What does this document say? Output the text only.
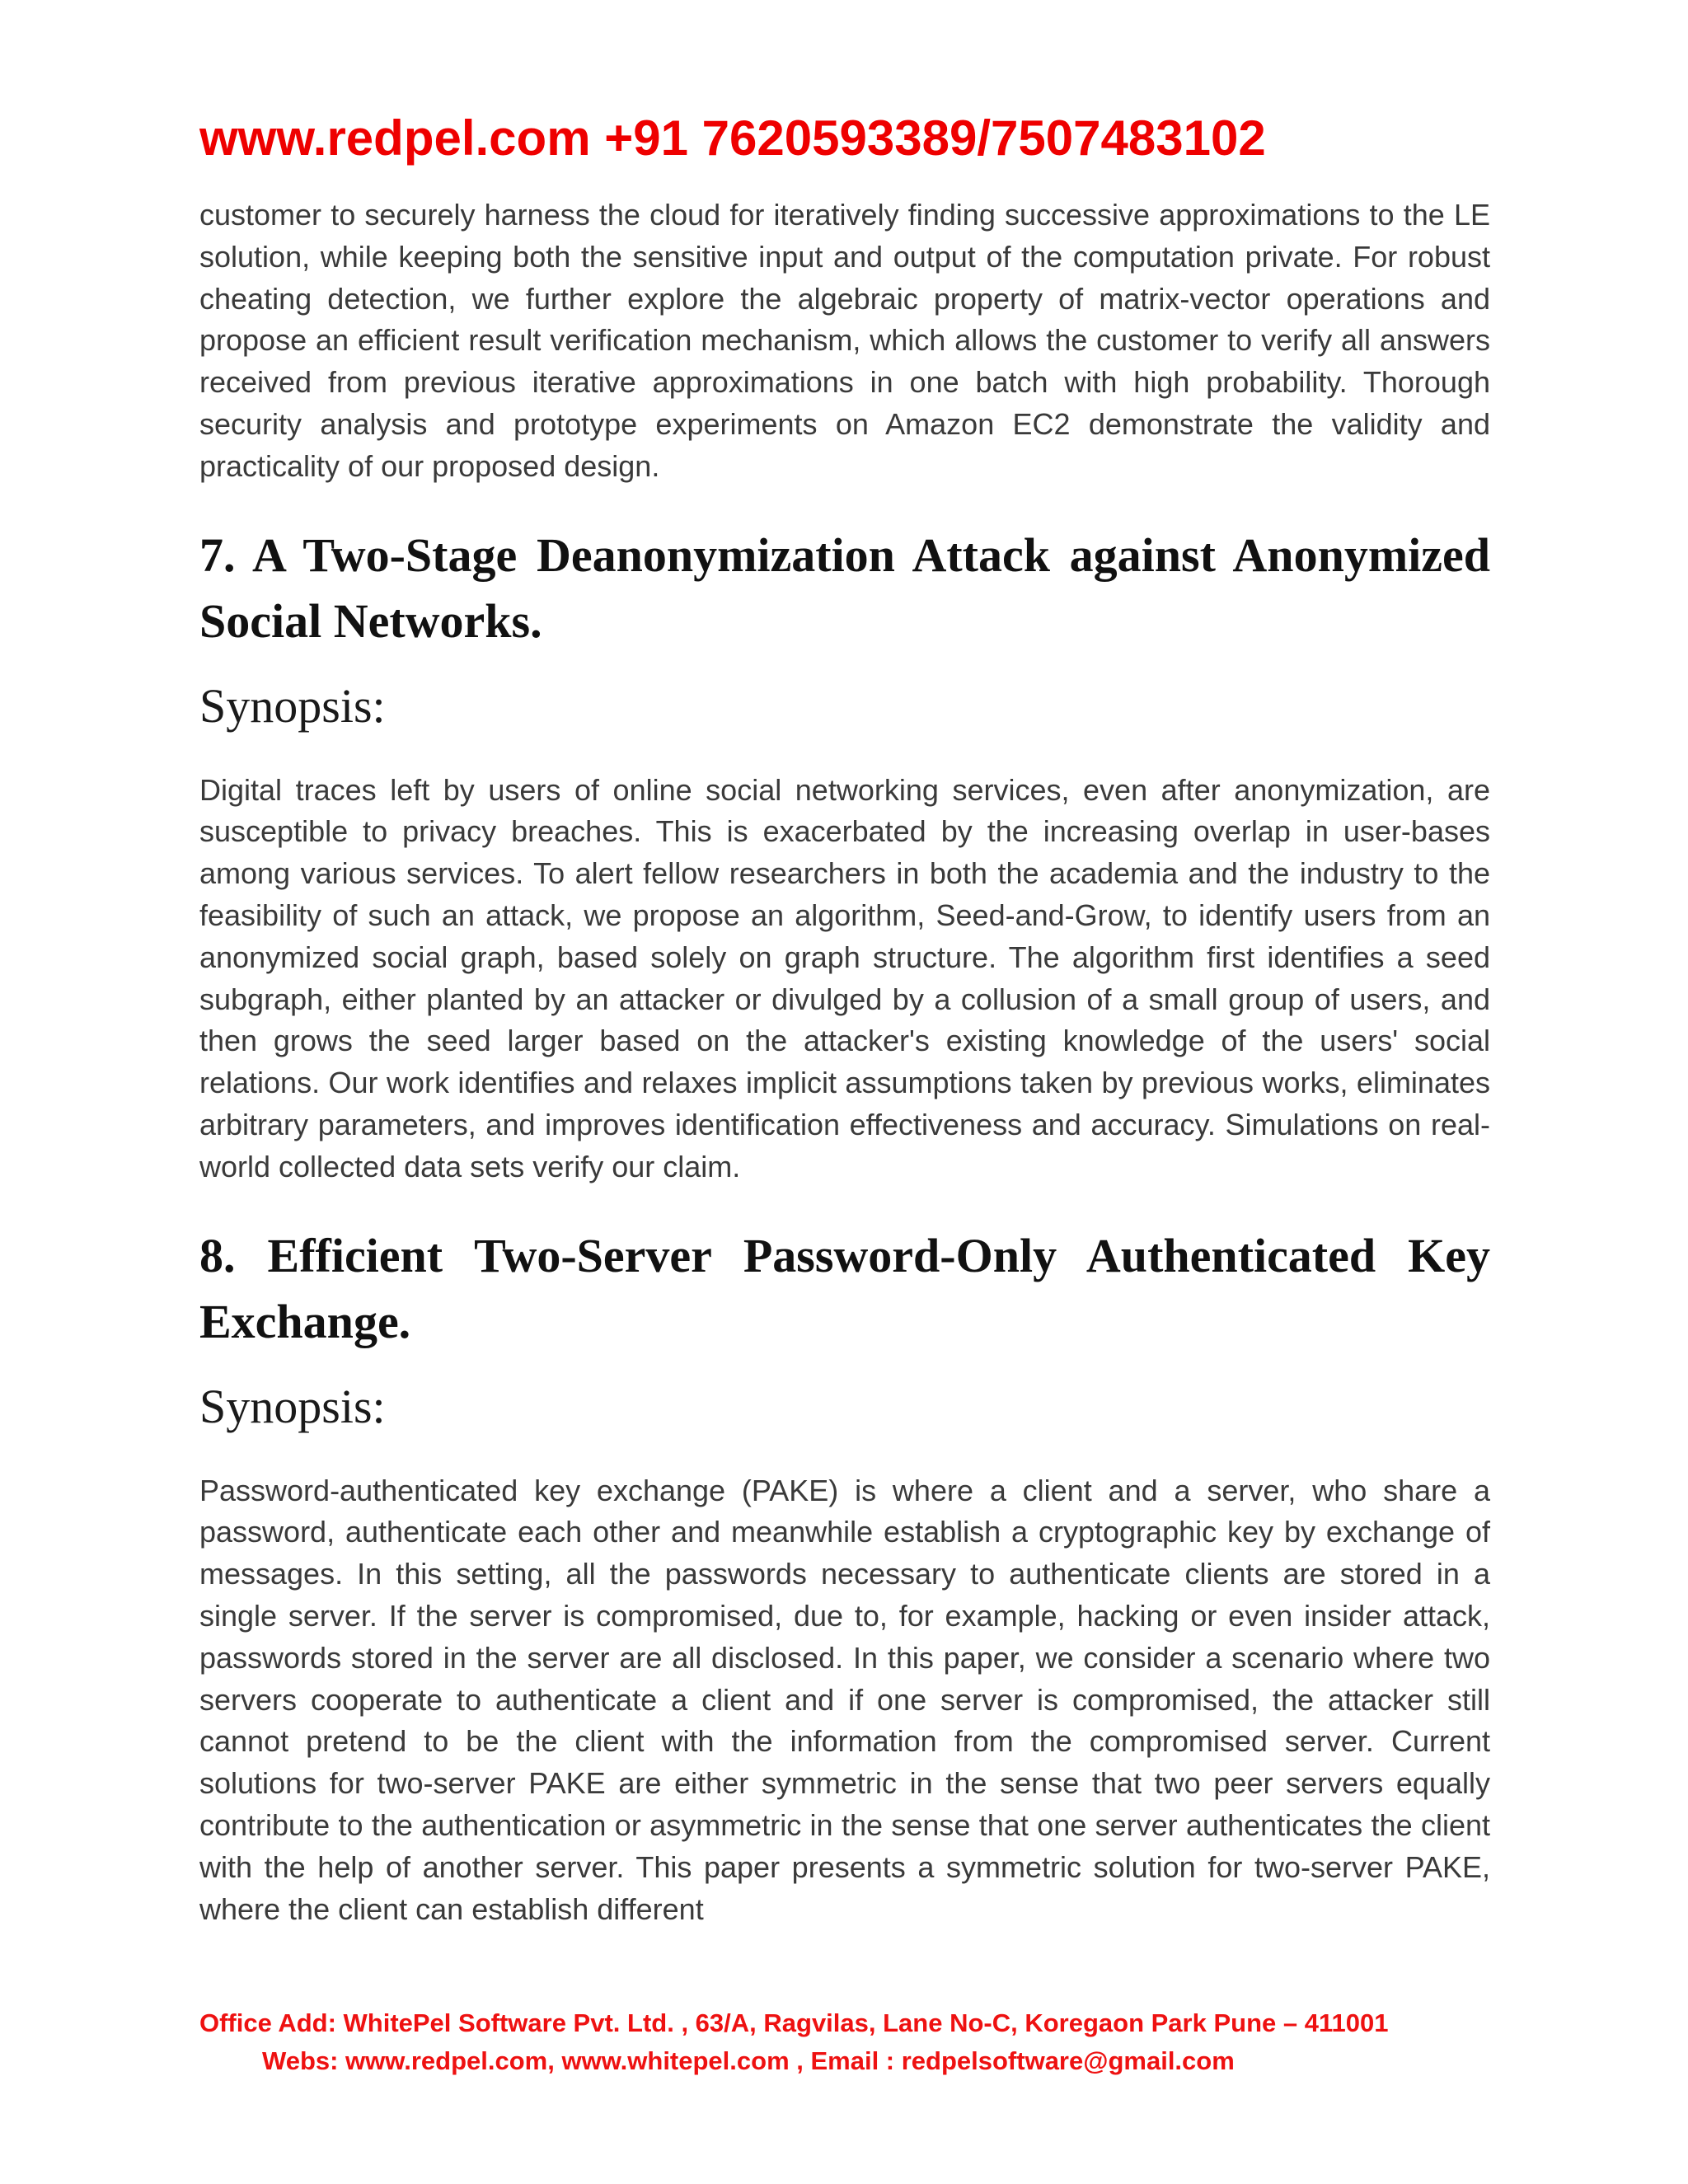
www.redpel.com +91 7620593389/7507483102

customer to securely harness the cloud for iteratively finding successive approximations to the LE solution, while keeping both the sensitive input and output of the computation private. For robust cheating detection, we further explore the algebraic property of matrix-vector operations and propose an efficient result verification mechanism, which allows the customer to verify all answers received from previous iterative approximations in one batch with high probability. Thorough security analysis and prototype experiments on Amazon EC2 demonstrate the validity and practicality of our proposed design.

7. A Two-Stage Deanonymization Attack against Anonymized Social Networks.

Synopsis:

Digital traces left by users of online social networking services, even after anonymization, are susceptible to privacy breaches. This is exacerbated by the increasing overlap in user-bases among various services. To alert fellow researchers in both the academia and the industry to the feasibility of such an attack, we propose an algorithm, Seed-and-Grow, to identify users from an anonymized social graph, based solely on graph structure. The algorithm first identifies a seed subgraph, either planted by an attacker or divulged by a collusion of a small group of users, and then grows the seed larger based on the attacker's existing knowledge of the users' social relations. Our work identifies and relaxes implicit assumptions taken by previous works, eliminates arbitrary parameters, and improves identification effectiveness and accuracy. Simulations on real-world collected data sets verify our claim.

8. Efficient Two-Server Password-Only Authenticated Key Exchange.

Synopsis:

Password-authenticated key exchange (PAKE) is where a client and a server, who share a password, authenticate each other and meanwhile establish a cryptographic key by exchange of messages. In this setting, all the passwords necessary to authenticate clients are stored in a single server. If the server is compromised, due to, for example, hacking or even insider attack, passwords stored in the server are all disclosed. In this paper, we consider a scenario where two servers cooperate to authenticate a client and if one server is compromised, the attacker still cannot pretend to be the client with the information from the compromised server. Current solutions for two-server PAKE are either symmetric in the sense that two peer servers equally contribute to the authentication or asymmetric in the sense that one server authenticates the client with the help of another server. This paper presents a symmetric solution for two-server PAKE, where the client can establish different

Office Add: WhitePel Software Pvt. Ltd. , 63/A, Ragvilas, Lane No-C, Koregaon Park Pune – 411001
Webs: www.redpel.com, www.whitepel.com , Email : redpelsoftware@gmail.com
